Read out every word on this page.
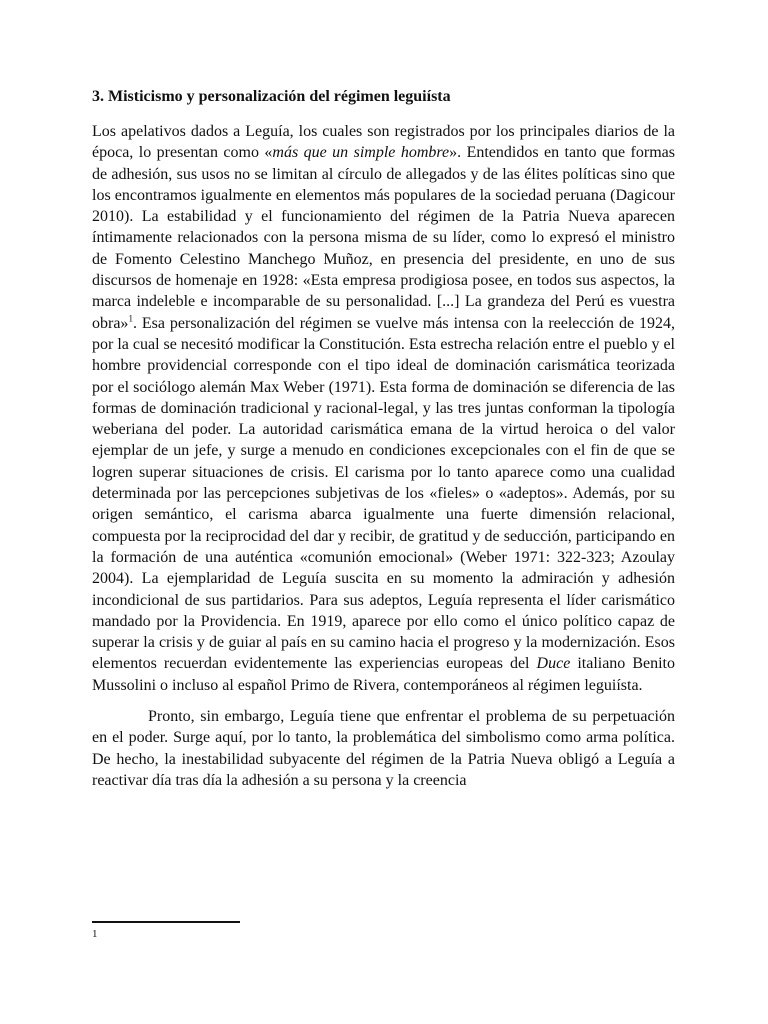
3. Misticismo y personalización del régimen leguiísta

Los apelativos dados a Leguía, los cuales son registrados por los principales diarios de la época, lo presentan como «más que un simple hombre». Entendidos en tanto que formas de adhesión, sus usos no se limitan al círculo de allegados y de las élites políticas sino que los encontramos igualmente en elementos más populares de la sociedad peruana (Dagicour 2010). La estabilidad y el funcionamiento del régimen de la Patria Nueva aparecen íntimamente relacionados con la persona misma de su líder, como lo expresó el ministro de Fomento Celestino Manchego Muñoz, en presencia del presidente, en uno de sus discursos de homenaje en 1928: «Esta empresa prodigiosa posee, en todos sus aspectos, la marca indeleble e incomparable de su personalidad. [...] La grandeza del Perú es vuestra obra»$^1$. Esa personalización del régimen se vuelve más intensa con la reelección de 1924, por la cual se necesitó modificar la Constitución. Esta estrecha relación entre el pueblo y el hombre providencial corresponde con el tipo ideal de dominación carismática teorizada por el sociólogo alemán Max Weber (1971). Esta forma de dominación se diferencia de las formas de dominación tradicional y racional-legal, y las tres juntas conforman la tipología weberiana del poder. La autoridad carismática emana de la virtud heroica o del valor ejemplar de un jefe, y surge a menudo en condiciones excepcionales con el fin de que se logren superar situaciones de crisis. El carisma por lo tanto aparece como una cualidad determinada por las percepciones subjetivas de los «fieles» o «adeptos». Además, por su origen semántico, el carisma abarca igualmente una fuerte dimensión relacional, compuesta por la reciprocidad del dar y recibir, de gratitud y de seducción, participando en la formación de una auténtica «comunión emocional» (Weber 1971: 322-323; Azoulay 2004). La ejemplaridad de Leguía suscita en su momento la admiración y adhesión incondicional de sus partidarios. Para sus adeptos, Leguía representa el líder carismático mandado por la Providencia. En 1919, aparece por ello como el único político capaz de superar la crisis y de guiar al país en su camino hacia el progreso y la modernización. Esos elementos recuerdan evidentemente las experiencias europeas del Duce italiano Benito Mussolini o incluso al español Primo de Rivera, contemporáneos al régimen leguiísta.

Pronto, sin embargo, Leguía tiene que enfrentar el problema de su perpetuación en el poder. Surge aquí, por lo tanto, la problemática del simbolismo como arma política. De hecho, la inestabilidad subyacente del régimen de la Patria Nueva obligó a Leguía a reactivar día tras día la adhesión a su persona y la creencia

1
